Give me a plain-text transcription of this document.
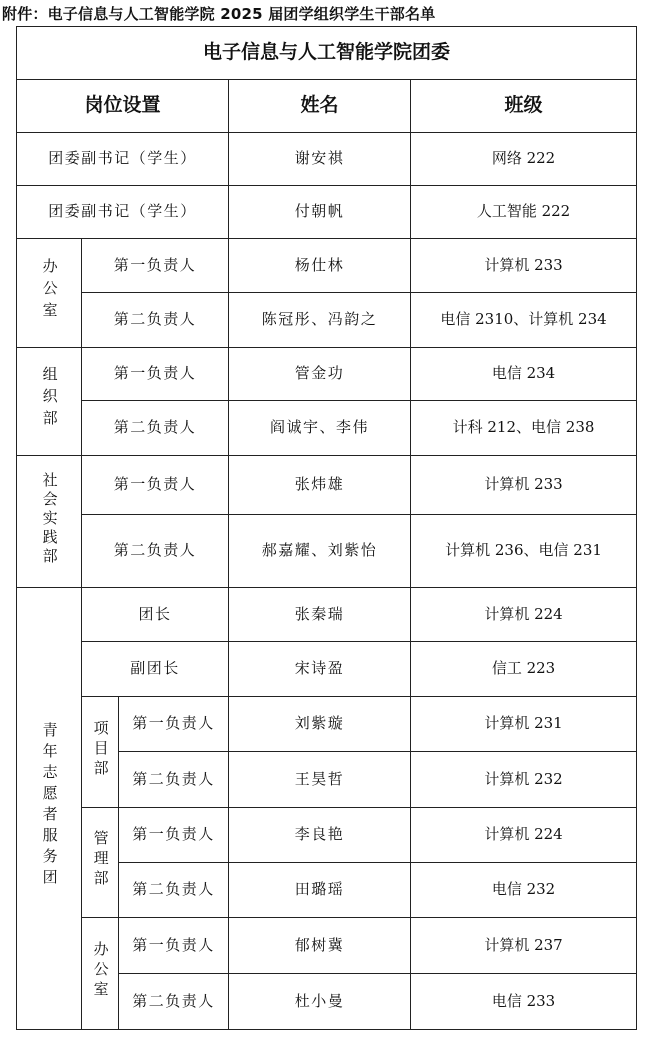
附件：电子信息与人工智能学院 2025 届团学组织学生干部名单
电子信息与人工智能学院团委				
岗位设置			姓名	班级
团委副书记（学生）			谢安祺	网络 222
团委副书记（学生）			付朝帆	人工智能 222
办公室	第一负责人		杨仕林	计算机 233
	第二负责人		陈冠彤、冯韵之	电信 2310、计算机 234
组织部	第一负责人		管金功	电信 234
	第二负责人		阎诚宇、李伟	计科 212、电信 238
社会实践部	第一负责人		张炜雄	计算机 233
	第二负责人		郝嘉耀、刘紫怡	计算机 236、电信 231
青年志愿者服务团	团长		张秦瑞	计算机 224
	副团长		宋诗盈	信工 223
	项目部	第一负责人	刘紫璇	计算机 231
		第二负责人	王昊哲	计算机 232
	管理部	第一负责人	李良艳	计算机 224
		第二负责人	田璐瑶	电信 232
	办公室	第一负责人	郁树冀	计算机 237
		第二负责人	杜小曼	电信 233
